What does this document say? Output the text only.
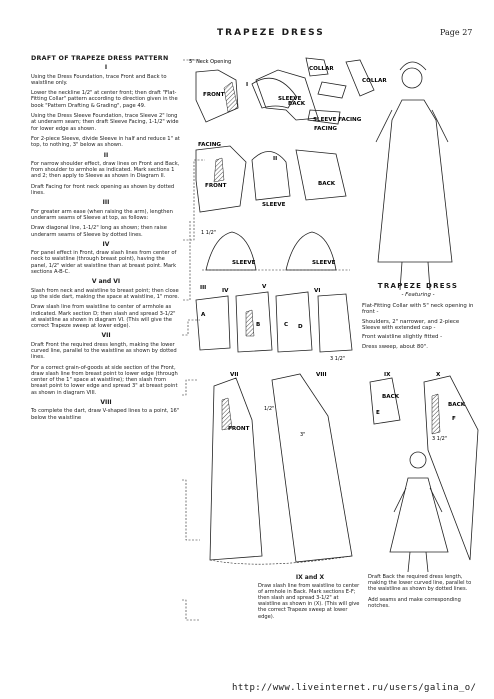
TRAPEZE DRESS	Page 27
DRAFT OF TRAPEZE DRESS PATTERN
I

Using the Dress Foundation, trace Front and Back to waistline only.

Lower the neckline 1/2" at center front; then draft "Flat-Fitting Collar" pattern according to direction given in the book "Pattern Drafting & Grading", page 49.

Using the Dress Sleeve Foundation, trace Sleeve 2" long at underarm seam; then draft Sleeve Facing, 1-1/2" wide for lower edge as shown.

For 2-piece Sleeve, divide Sleeve in half and reduce 1" at top, to nothing, 3" below as shown.

II

For narrow shoulder effect, draw lines on Front and Back, from shoulder to armhole as indicated. Mark sections 1 and 2; then apply to Sleeve as shown in Diagram II.

Draft Facing for front neck opening as shown by dotted lines.

III

For greater arm ease (when raising the arm), lengthen underarm seams of Sleeve at top, as follows:

Draw diagonal line, 1-1/2" long as shown; then raise underarm seams of Sleeve by dotted lines.

IV

For panel effect in Front, draw slash lines from center of neck to waistline (through breast point), having the panel, 1/2" wider at waistline than at breast point. Mark sections A-B-C.

V and VI

Slash from neck and waistline to breast point; then close up the side dart, making the space at waistline, 1" more.

Draw slash line from waistline to center of armhole as indicated. Mark section D; then slash and spread 3-1/2" at waistline as shown in diagram VI. (This will give the correct Trapeze sweep at lower edge).

VII

Draft Front the required dress length, making the lower curved line, parallel to the waistline as shown by dotted lines.

For a correct grain-of-goods at side section of the Front, draw slash line from breast point to lower edge (through center of the 1" space at waistline); then slash from breast point to lower edge and spread 3" at breast point as shown in diagram VIII.

VIII

To complete the dart, draw V-shaped lines to a point, 16" below the waistline

TRAPEZE DRESS
- Featuring -
Flat-Fitting Collar with 5" neck opening in front -
Shoulders, 2" narrower, and 2-piece Sleeve with extended cap -
Front waistline slightly fitted -
Dress sweep, about 80".
IX and X
Draw slash line from waistline to center of armhole in Back. Mark sections E-F; then slash and spread 3-1/2" at waistline as shown in (X). (This will give the correct Trapeze sweep at lower edge).
Draft Back the required dress length, making the lower curved line, parallel to the waistline as shown by dotted lines.
Add seams and make corresponding notches.
http://www.liveinternet.ru/users/galina_o/
5" Neck Opening
FRONT
BACK
SLEEVE
COLLAR
SLEEVE FACING
FACING
I
COLLAR
II
FRONT
FACING
SLEEVE
BACK
1 1/2"
SLEEVE	SLEEVE
III
A
IV
B
V
C D
VI
3 1/2"
VII
FRONT
VIII
3"
1/2"
IX	X
BACK
E
BACK
F
3 1/2"
